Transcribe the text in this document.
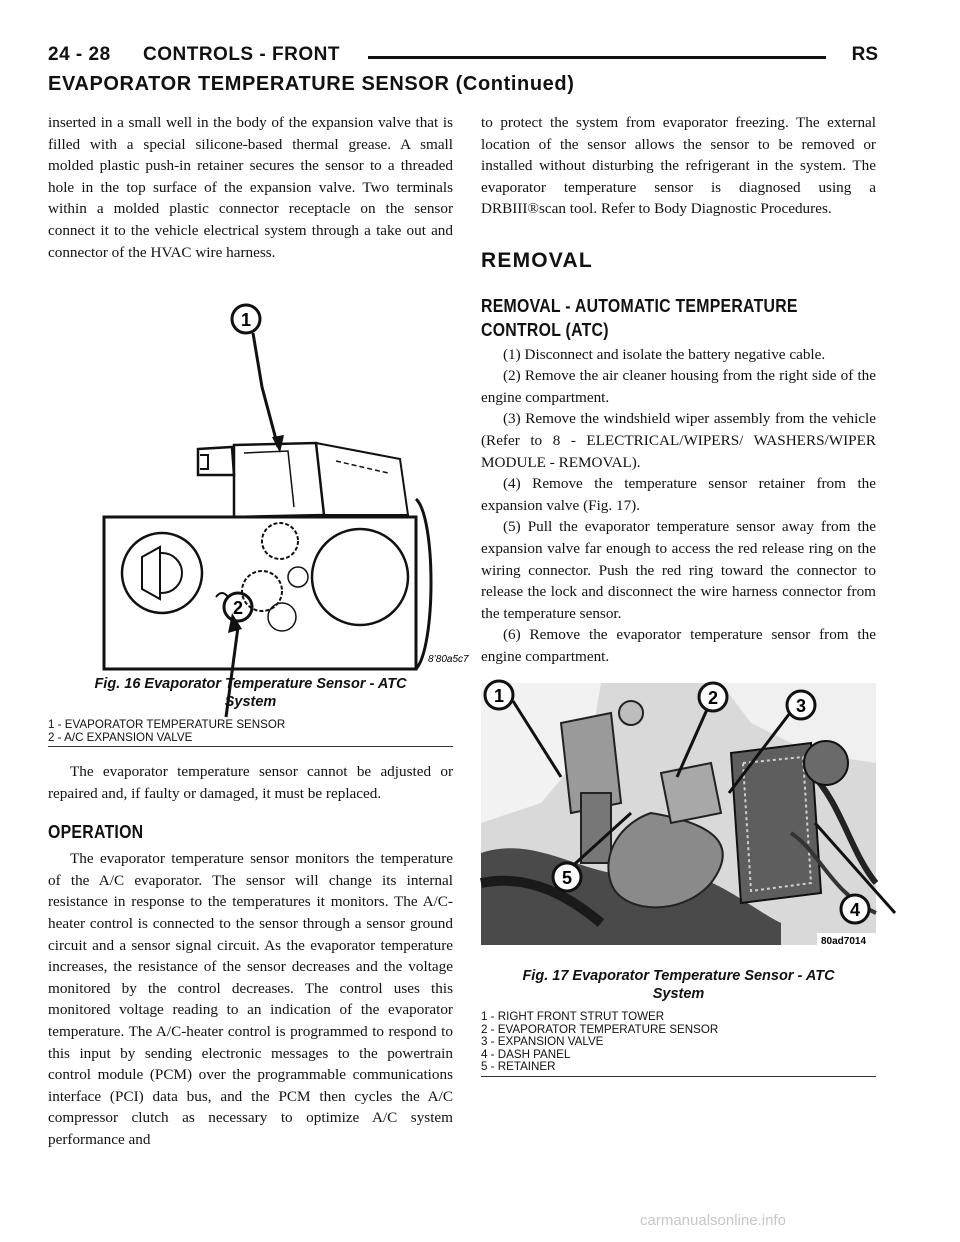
24 - 28 CONTROLS - FRONT	RS
EVAPORATOR TEMPERATURE SENSOR (Continued)

inserted in a small well in the body of the expansion valve that is filled with a special silicone-based thermal grease. A small molded plastic push-in retainer secures the sensor to a threaded hole in the top surface of the expansion valve. Two terminals within a molded plastic connector receptacle on the sensor connect it to the vehicle electrical system through a take out and connector of the HVAC wire harness.

1
8’80a5c7
2

Fig. 16 Evaporator Temperature Sensor - ATC

System

1 - EVAPORATOR TEMPERATURE SENSOR

2 - A/C EXPANSION VALVE

The evaporator temperature sensor cannot be adjusted or repaired and, if faulty or damaged, it must be replaced.

OPERATION

The evaporator temperature sensor monitors the temperature of the A/C evaporator. The sensor will change its internal resistance in response to the temperatures it monitors. The A/C-heater control is connected to the sensor through a sensor ground circuit and a sensor signal circuit. As the evaporator temperature increases, the resistance of the sensor decreases and the voltage monitored by the control decreases. The control uses this monitored voltage reading to an indication of the evaporator temperature. The A/C-heater control is programmed to respond to this input by sending electronic messages to the powertrain control module (PCM) over the programmable communications interface (PCI) data bus, and the PCM then cycles the A/C compressor clutch as necessary to optimize A/C system performance and

to protect the system from evaporator freezing. The external location of the sensor allows the sensor to be removed or installed without disturbing the refrigerant in the system. The evaporator temperature sensor is diagnosed using a DRBIII®scan tool. Refer to Body Diagnostic Procedures.

REMOVAL

REMOVAL - AUTOMATIC TEMPERATURE

CONTROL (ATC)

(1) Disconnect and isolate the battery negative cable.

(2) Remove the air cleaner housing from the right side of the engine compartment.

(3) Remove the windshield wiper assembly from the vehicle (Refer to 8 - ELECTRICAL/WIPERS/ WASHERS/WIPER MODULE - REMOVAL).

(4) Remove the temperature sensor retainer from the expansion valve (Fig. 17).

(5) Pull the evaporator temperature sensor away from the expansion valve far enough to access the red release ring on the wiring connector. Push the red ring toward the connector to release the lock and disconnect the wire harness connector from the temperature sensor.

(6) Remove the evaporator temperature sensor from the engine compartment.

1	2	3
4
5
80ad7014

Fig. 17 Evaporator Temperature Sensor - ATC

System

1 - RIGHT FRONT STRUT TOWER

2 - EVAPORATOR TEMPERATURE SENSOR

3 - EXPANSION VALVE

4 - DASH PANEL

5 - RETAINER

carmanualsonline.info
